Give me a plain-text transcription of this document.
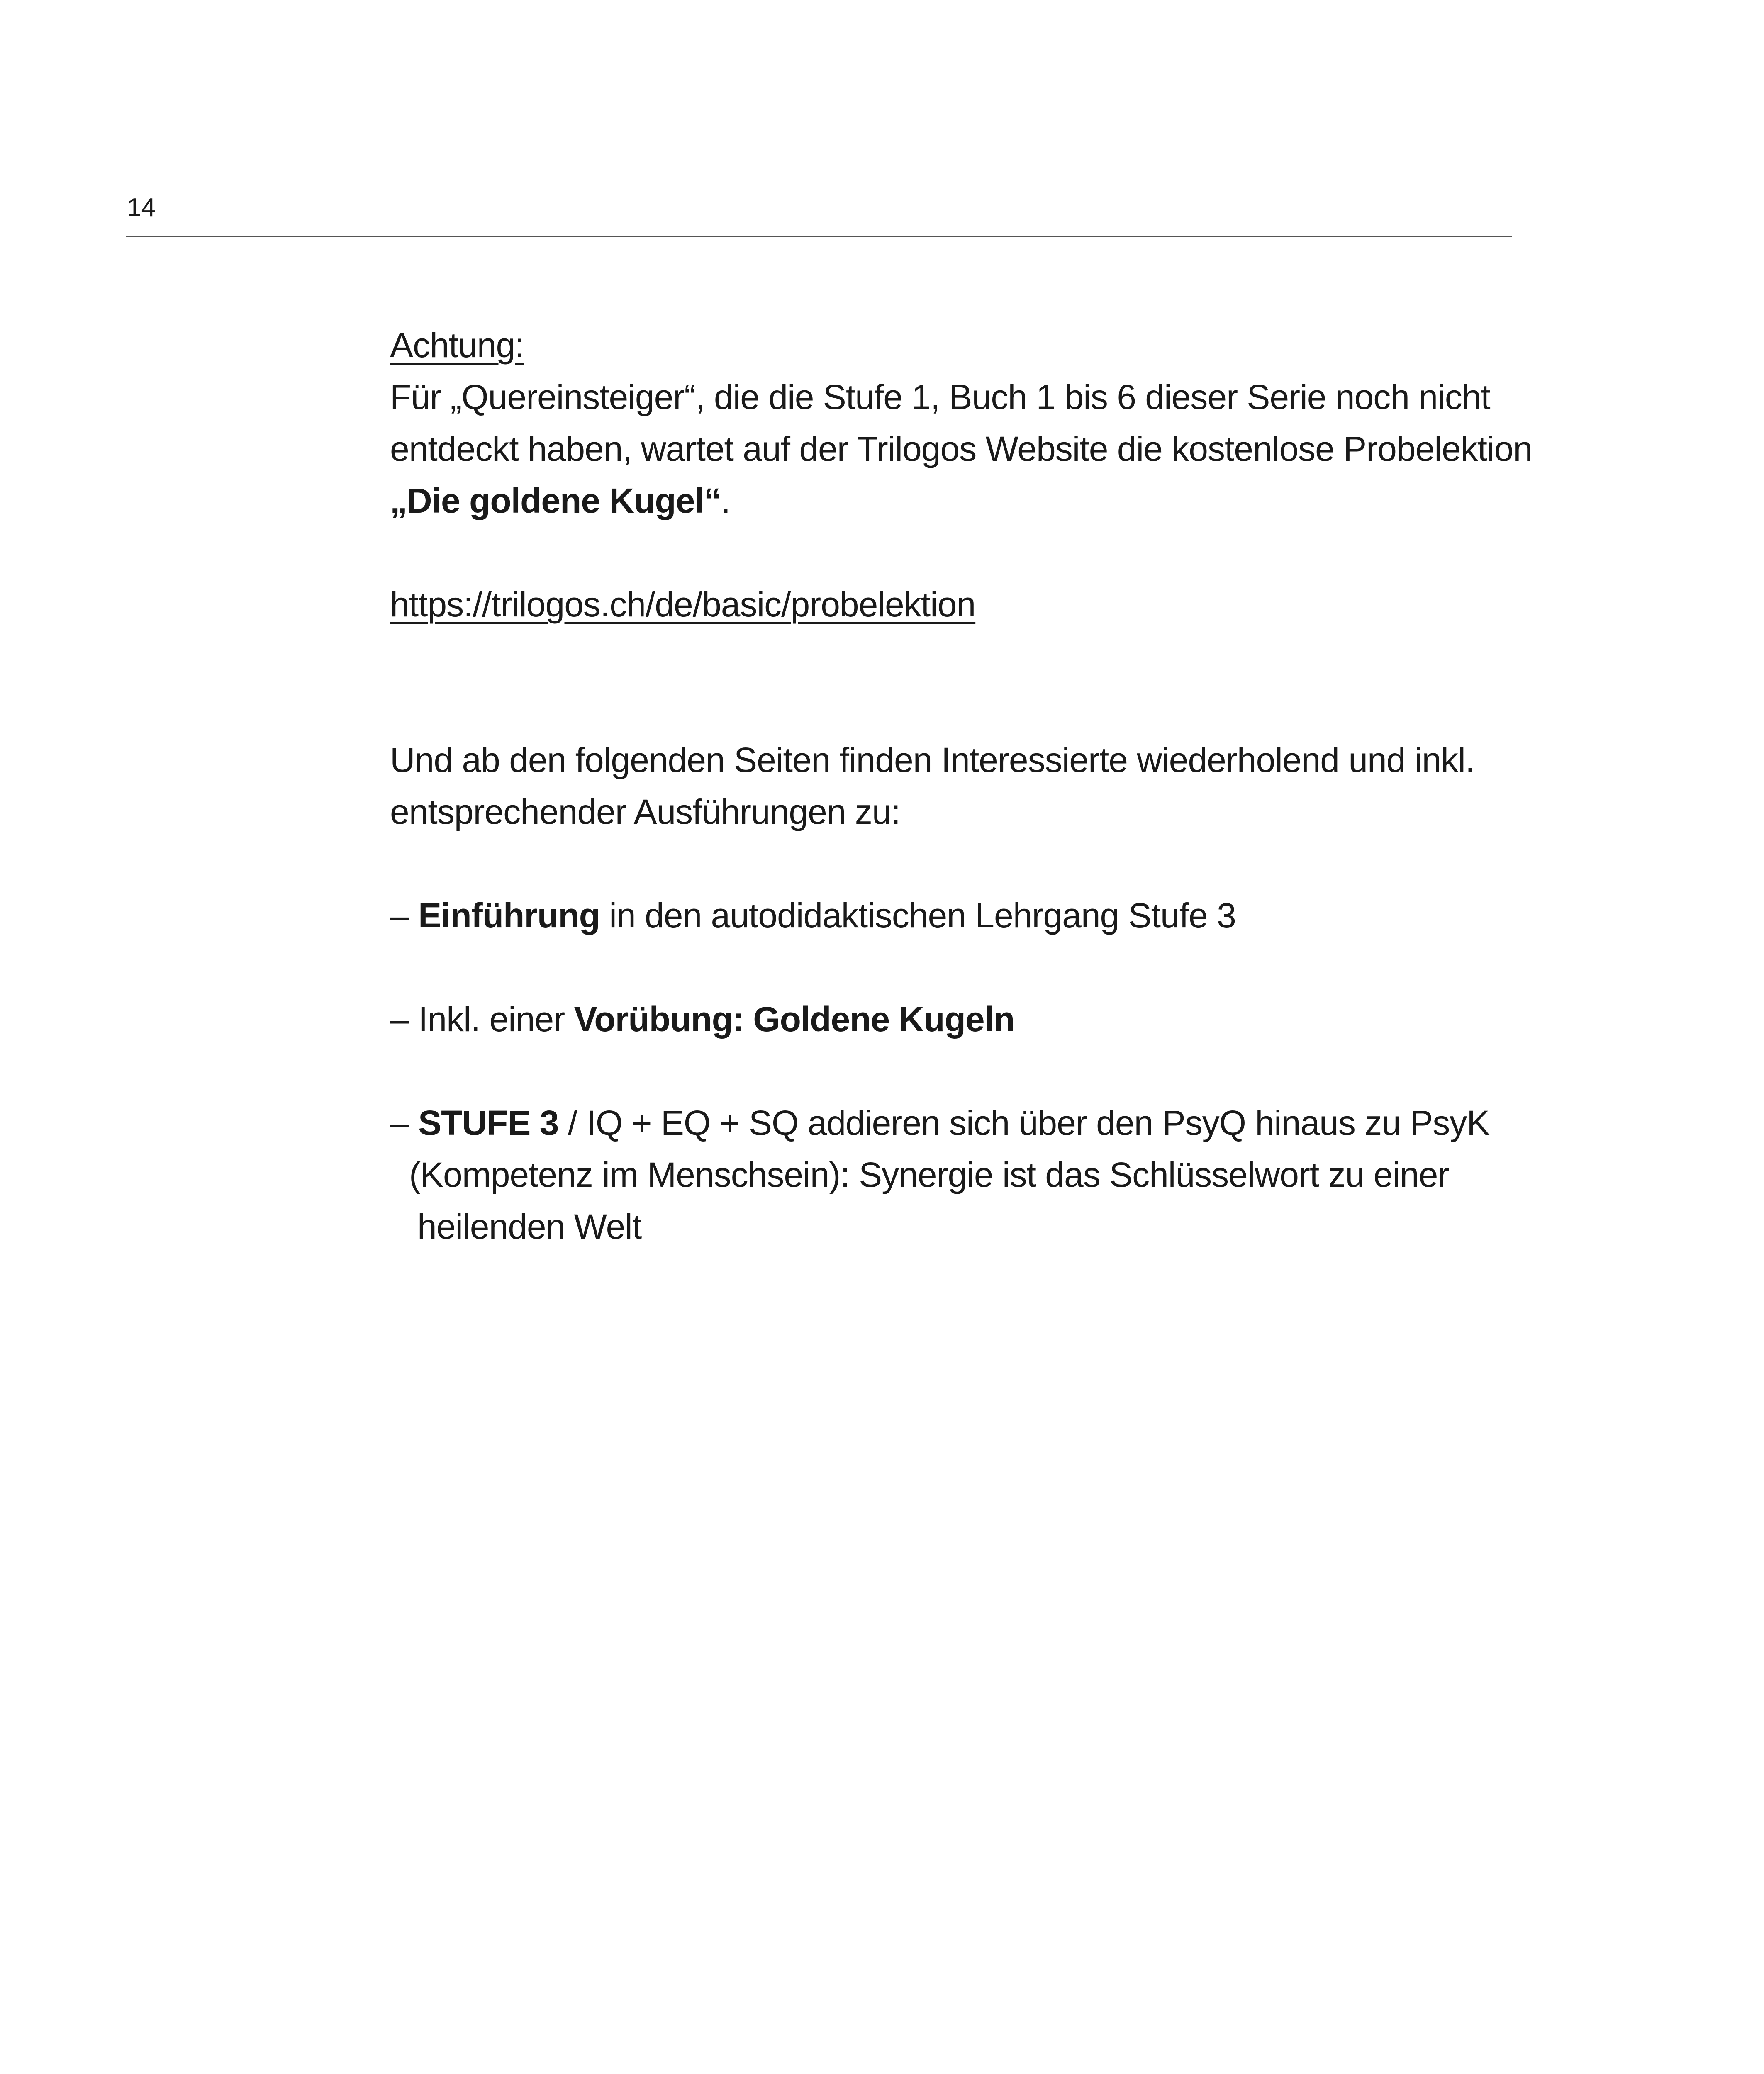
14
Achtung:
Für „Quereinsteiger“, die die Stufe 1, Buch 1 bis 6 dieser Serie noch nicht
entdeckt haben, wartet auf der Trilogos Website die kostenlose Probelektion
„Die goldene Kugel“.
https://trilogos.ch/de/basic/probelektion
Und ab den folgenden Seiten finden Interessierte wiederholend und inkl.
entsprechender Ausführungen zu:
– Einführung in den autodidaktischen Lehrgang Stufe 3
– Inkl. einer Vorübung: Goldene Kugeln
– STUFE 3 / IQ + EQ + SQ addieren sich über den PsyQ hinaus zu PsyK
(Kompetenz im Menschsein): Synergie ist das Schlüsselwort zu einer
heilenden Welt
